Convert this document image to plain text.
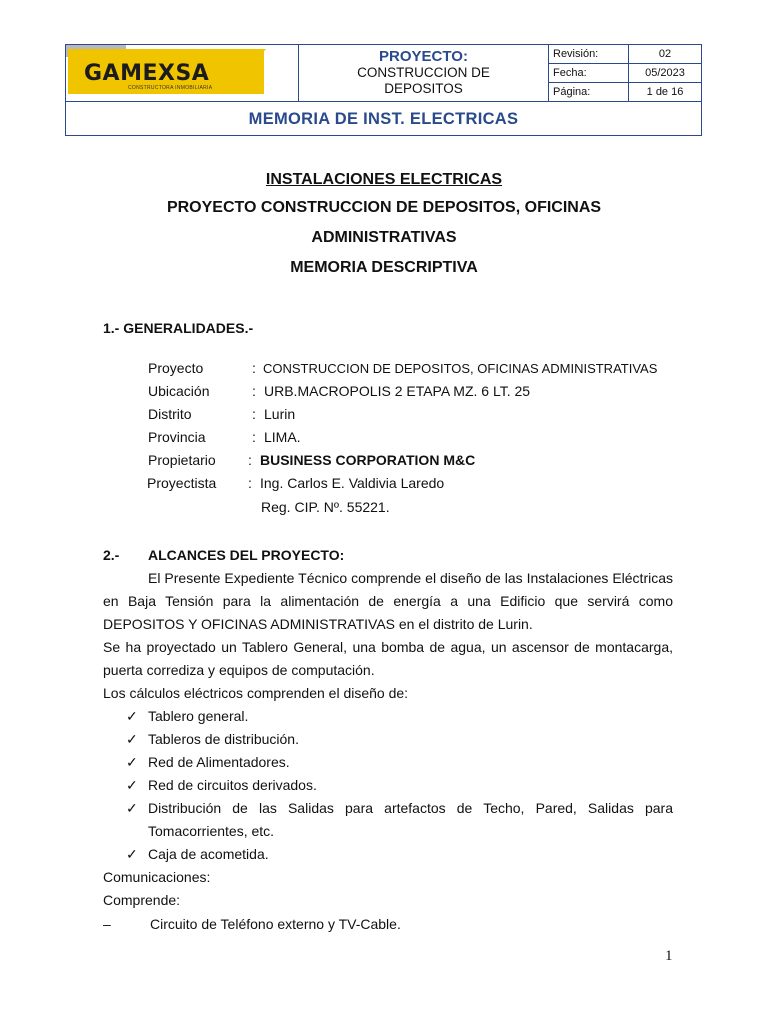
GAMEXSA
CONSTRUCTORA INMOBILIARIA
PROYECTO:
CONSTRUCCION DE
DEPOSITOS
Revisión:	02
Fecha:	05/2023
Página:	1 de 16
MEMORIA DE INST. ELECTRICAS
INSTALACIONES ELECTRICAS
PROYECTO CONSTRUCCION DE DEPOSITOS, OFICINAS
ADMINISTRATIVAS
MEMORIA DESCRIPTIVA
1.- GENERALIDADES.-
Proyecto	: CONSTRUCCION DE DEPOSITOS, OFICINAS ADMINISTRATIVAS
Ubicación	: URB.MACROPOLIS 2 ETAPA MZ. 6 LT. 25
Distrito	: Lurin
Provincia	: LIMA.
Propietario : BUSINESS CORPORATION M&C
Proyectista : Ing. Carlos E. Valdivia Laredo
Reg. CIP. Nº. 55221.
2.- ALCANCES DEL PROYECTO:
El Presente Expediente Técnico comprende el diseño de las Instalaciones Eléctricas en Baja Tensión para la alimentación de energía a una Edificio que servirá como DEPOSITOS Y OFICINAS ADMINISTRATIVAS en el distrito de Lurin.
Se ha proyectado un Tablero General, una bomba de agua, un ascensor de montacarga, puerta corrediza y equipos de computación.
Los cálculos eléctricos comprenden el diseño de:
✓ Tablero general.
✓ Tableros de distribución.
✓ Red de Alimentadores.
✓ Red de circuitos derivados.
✓ Distribución de las Salidas para artefactos de Techo, Pared, Salidas para
Tomacorrientes, etc.
✓ Caja de acometida.
Comunicaciones:
Comprende:
–	Circuito de Teléfono externo y TV-Cable.
1
